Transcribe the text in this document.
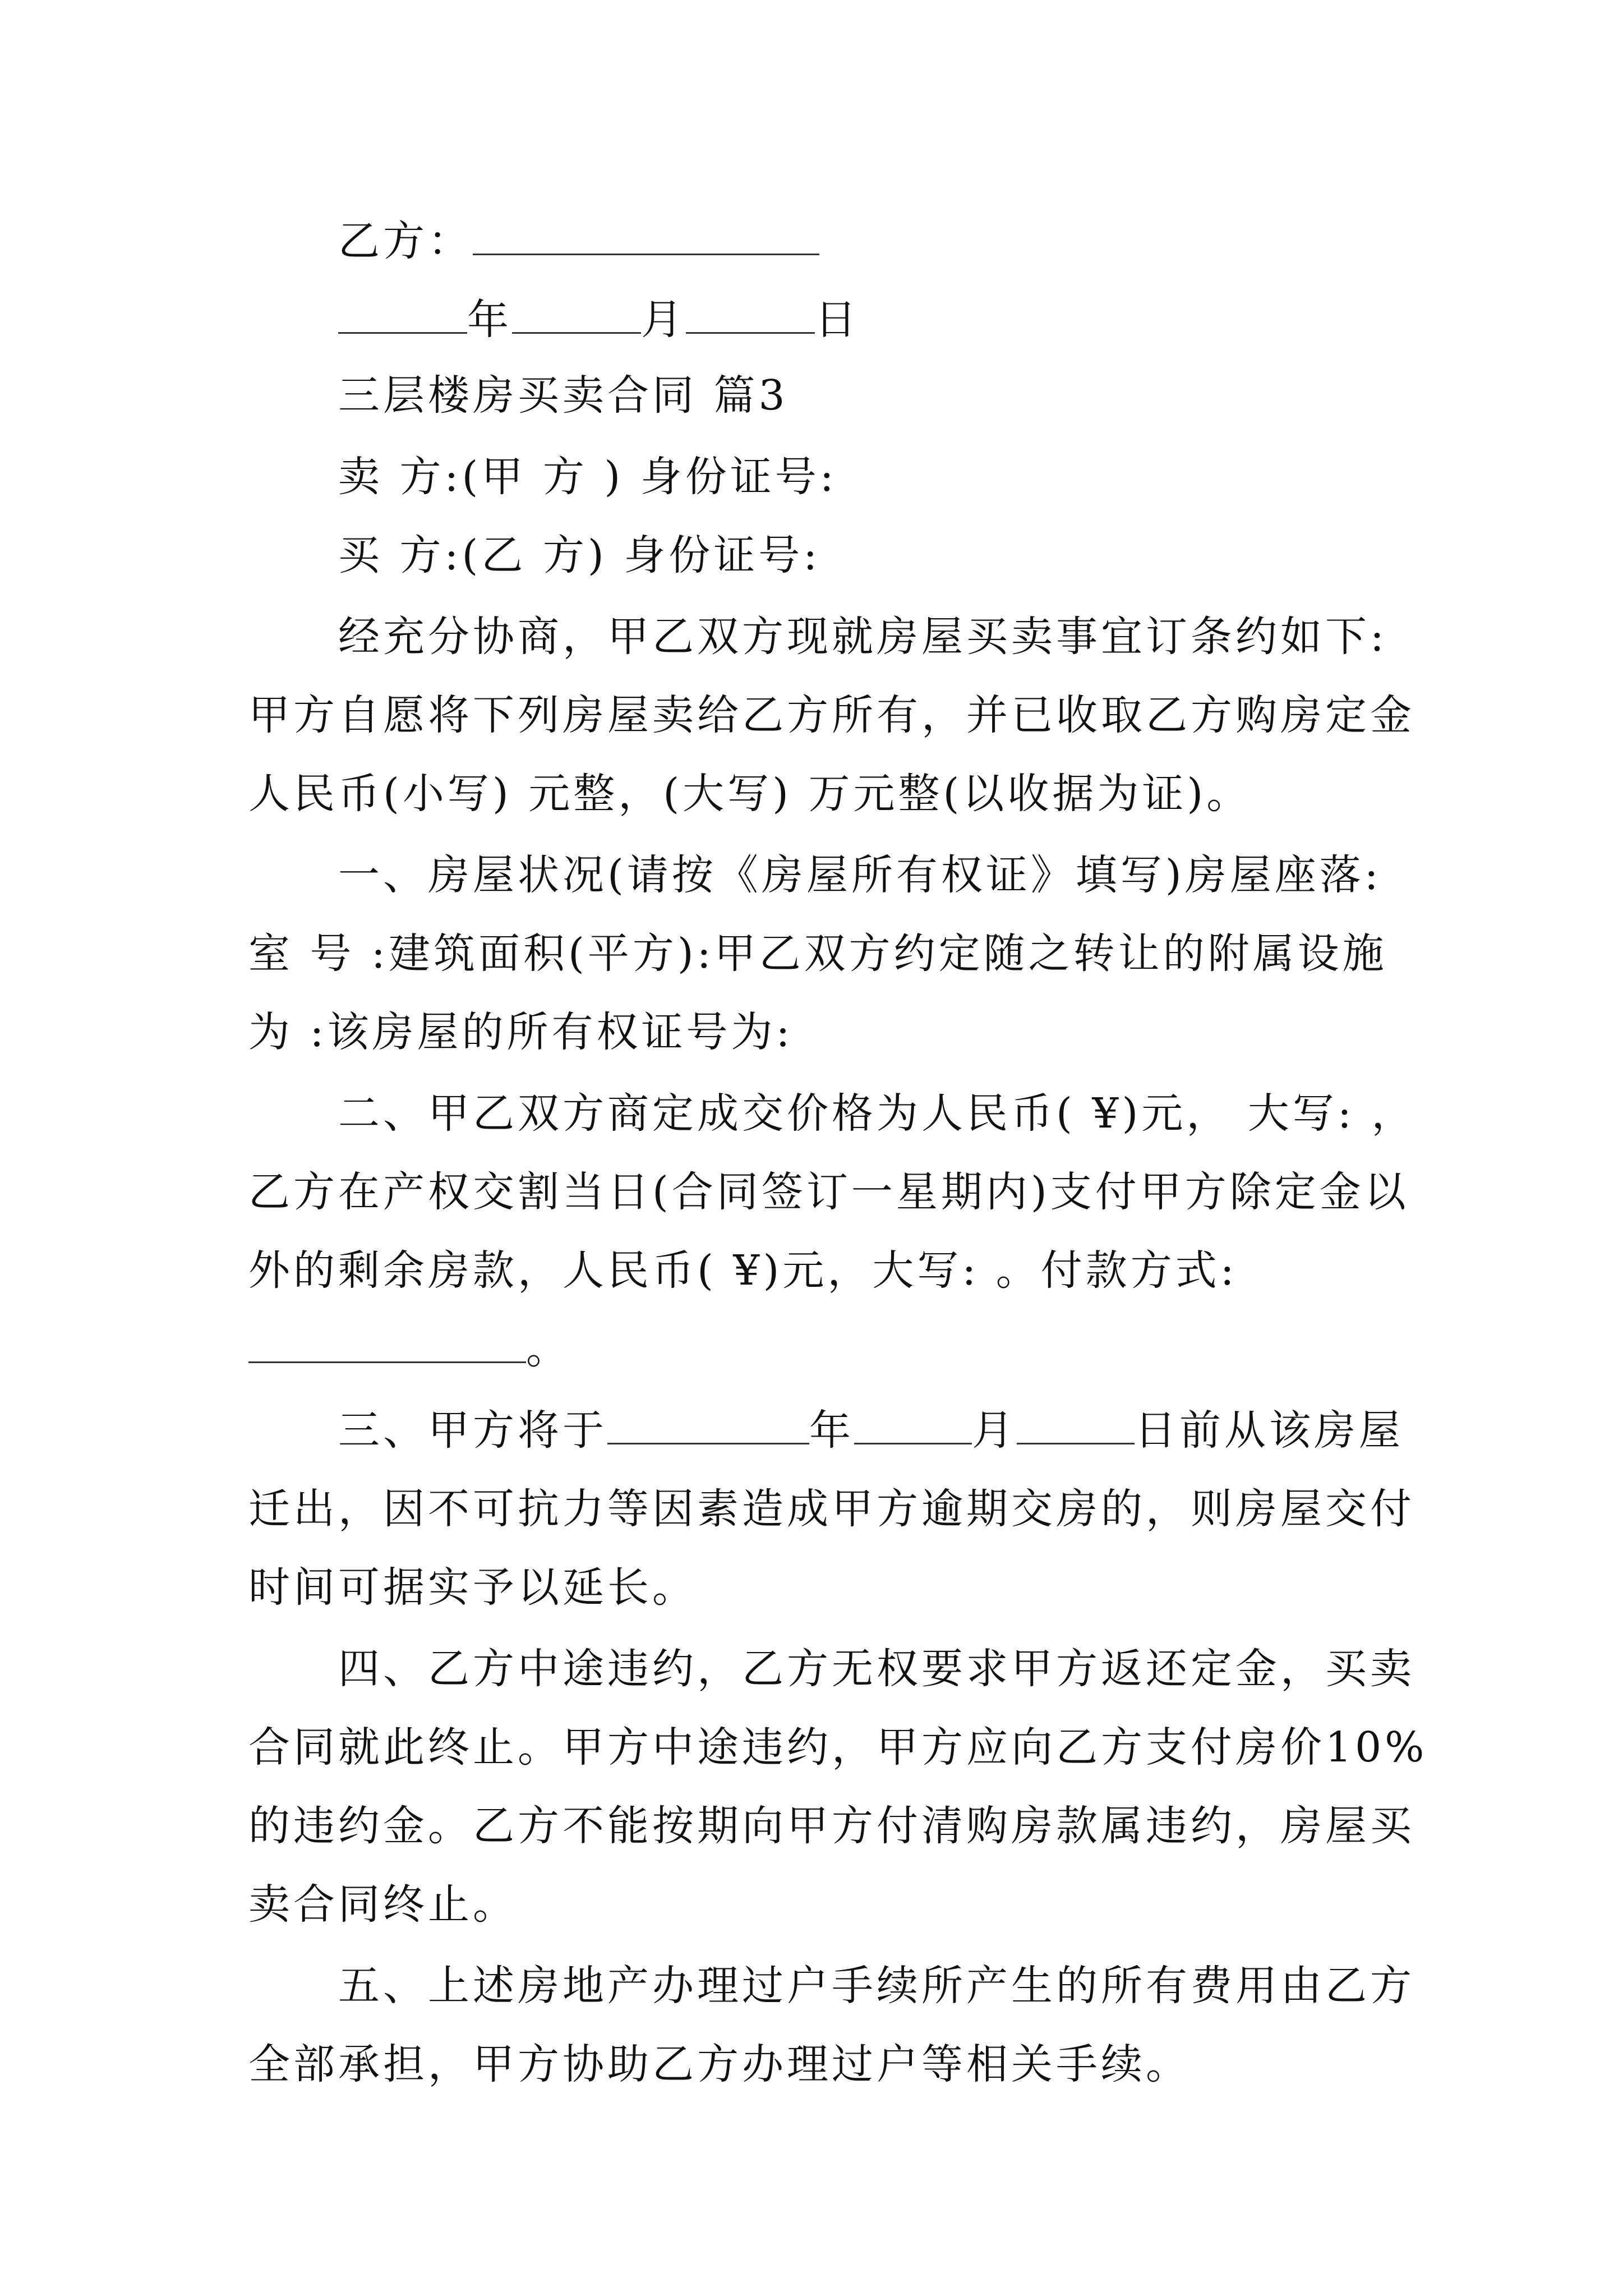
乙方：
年	月	日
三层楼房买卖合同 篇3
卖 方:(甲 方 ) 身份证号:
买 方:(乙 方) 身份证号:
经充分协商，甲乙双方现就房屋买卖事宜订条约如下:
甲方自愿将下列房屋卖给乙方所有，并已收取乙方购房定金
人民币(小写) 元整，(大写) 万元整(以收据为证)。
一、房屋状况(请按《房屋所有权证》填写)房屋座落:
室 号 :建筑面积(平方):甲乙双方约定随之转让的附属设施
为 :该房屋的所有权证号为:
二、甲乙双方商定成交价格为人民币( ¥)元， 大写: ，
乙方在产权交割当日(合同签订一星期内)支付甲方除定金以
外的剩余房款，人民币( ¥)元，大写: 。付款方式:
。
三、甲方将于	年	月	日前从该房屋
迁出，因不可抗力等因素造成甲方逾期交房的，则房屋交付
时间可据实予以延长。
四、乙方中途违约，乙方无权要求甲方返还定金，买卖
合同就此终止。甲方中途违约，甲方应向乙方支付房价10%
的违约金。乙方不能按期向甲方付清购房款属违约，房屋买
卖合同终止。
五、上述房地产办理过户手续所产生的所有费用由乙方
全部承担，甲方协助乙方办理过户等相关手续。
